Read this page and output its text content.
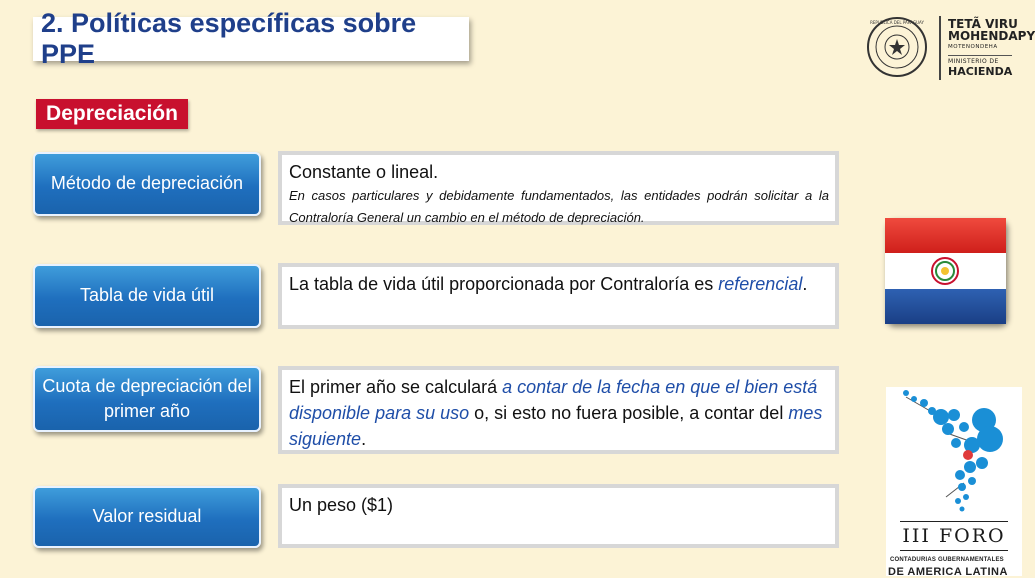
2. Políticas específicas sobre PPE
REPUBLICA DEL PARAGUAY TETÃ VIRU
MOHENDAPY
MOTENONDEHA
MINISTERIO DE
HACIENDA
Depreciación
Método de depreciación
Constante o lineal.
En casos particulares y debidamente fundamentados, las entidades podrán solicitar a la Contraloría General un cambio en el método de depreciación.
Tabla de vida útil
La tabla de vida útil proporcionada por Contraloría es referencial.
Cuota de depreciación del primer año
El primer año se calculará a contar de la fecha en que el bien está disponible para su uso o, si esto no fuera posible, a contar del mes siguiente.
Valor residual
Un peso ($1)
III FORO
CONTADURIAS GUBERNAMENTALES
DE AMERICA LATINA
